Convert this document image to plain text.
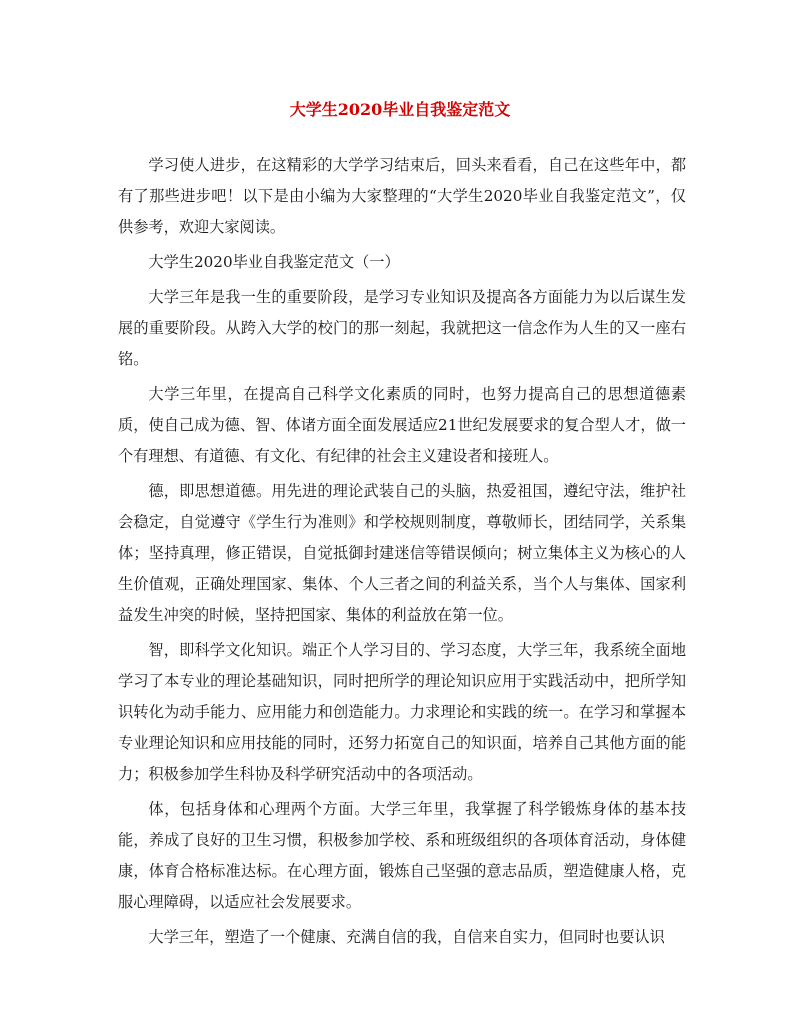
大学生2020毕业自我鉴定范文

学习使人进步，在这精彩的大学学习结束后，回头来看看，自己在这些年中，都有了那些进步吧！以下是由小编为大家整理的“大学生2020毕业自我鉴定范文”，仅供参考，欢迎大家阅读。

大学生2020毕业自我鉴定范文（一）

大学三年是我一生的重要阶段，是学习专业知识及提高各方面能力为以后谋生发展的重要阶段。从跨入大学的校门的那一刻起，我就把这一信念作为人生的又一座右铭。

大学三年里，在提高自己科学文化素质的同时，也努力提高自己的思想道德素质，使自己成为德、智、体诸方面全面发展适应21世纪发展要求的复合型人才，做一个有理想、有道德、有文化、有纪律的社会主义建设者和接班人。

德，即思想道德。用先进的理论武装自己的头脑，热爱祖国，遵纪守法，维护社会稳定，自觉遵守《学生行为准则》和学校规则制度，尊敬师长，团结同学，关系集体；坚持真理，修正错误，自觉抵御封建迷信等错误倾向；树立集体主义为核心的人生价值观，正确处理国家、集体、个人三者之间的利益关系，当个人与集体、国家利益发生冲突的时候，坚持把国家、集体的利益放在第一位。

智，即科学文化知识。端正个人学习目的、学习态度，大学三年，我系统全面地学习了本专业的理论基础知识，同时把所学的理论知识应用于实践活动中，把所学知识转化为动手能力、应用能力和创造能力。力求理论和实践的统一。在学习和掌握本专业理论知识和应用技能的同时，还努力拓宽自己的知识面，培养自己其他方面的能力；积极参加学生科协及科学研究活动中的各项活动。

体，包括身体和心理两个方面。大学三年里，我掌握了科学锻炼身体的基本技能，养成了良好的卫生习惯，积极参加学校、系和班级组织的各项体育活动，身体健康，体育合格标准达标。在心理方面，锻炼自己坚强的意志品质，塑造健康人格，克服心理障碍，以适应社会发展要求。

大学三年，塑造了一个健康、充满自信的我，自信来自实力，但同时也要认识
